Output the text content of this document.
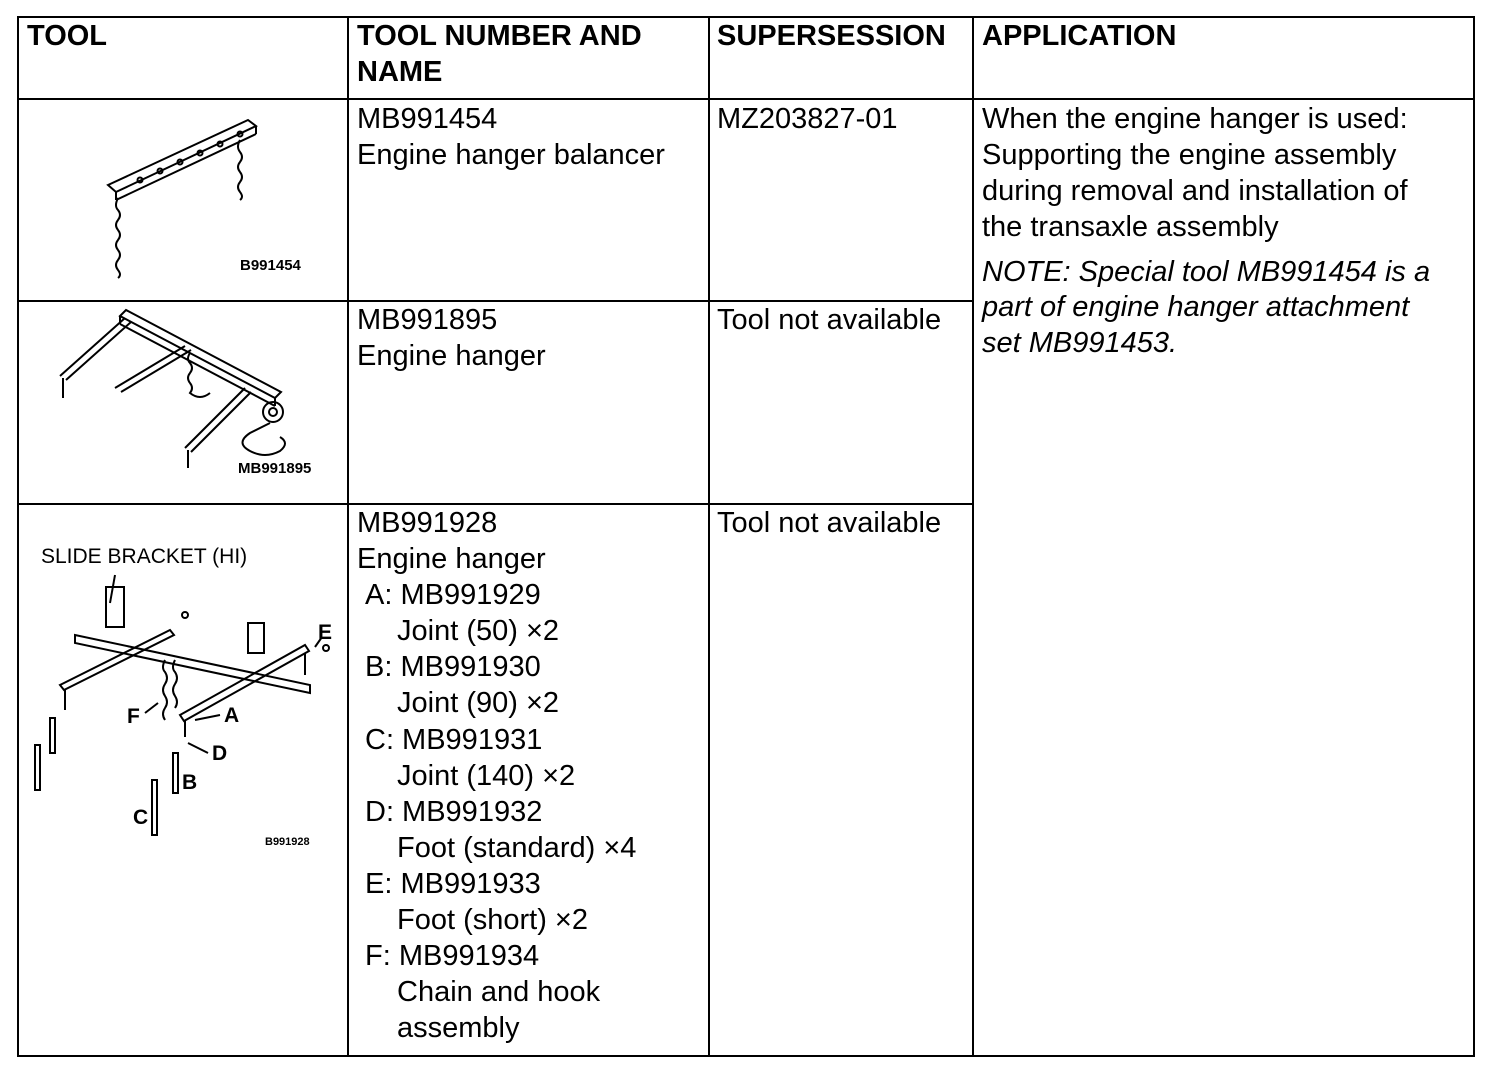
TOOL	TOOL NUMBER AND
NAME
SUPERSESSION APPLICATION
B991454
MB991454
Engine hanger balancer
MZ203827-01	When the engine hanger is used:
Supporting the engine assembly
during removal and installation of
the transaxle assembly
NOTE: Special tool MB991454 is a
part of engine hanger attachment
set MB991453.
MB991895
MB991895
Engine hanger
Tool not available
SLIDE BRACKET (HI)
E
A
F
D
B
C
B991928
MB991928
Engine hanger
A: MB991929
Joint (50) ×2
B: MB991930
Joint (90) ×2
C: MB991931
Joint (140) ×2
D: MB991932
Foot (standard) ×4
E: MB991933
Foot (short) ×2
F: MB991934
Chain and hook
assembly
Tool not available
